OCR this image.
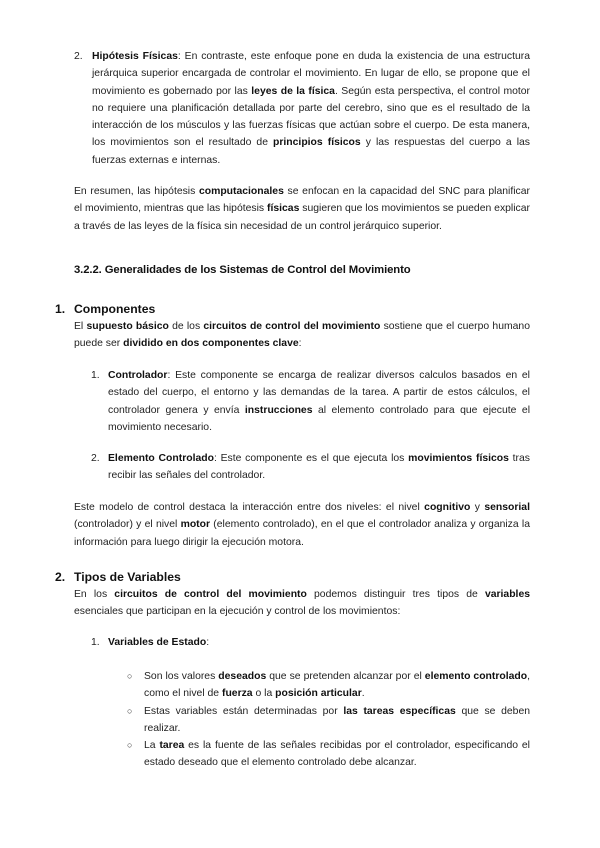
2. Hipótesis Físicas: En contraste, este enfoque pone en duda la existencia de una estructura jerárquica superior encargada de controlar el movimiento. En lugar de ello, se propone que el movimiento es gobernado por las leyes de la física. Según esta perspectiva, el control motor no requiere una planificación detallada por parte del cerebro, sino que es el resultado de la interacción de los músculos y las fuerzas físicas que actúan sobre el cuerpo. De esta manera, los movimientos son el resultado de principios físicos y las respuestas del cuerpo a las fuerzas externas e internas.

En resumen, las hipótesis computacionales se enfocan en la capacidad del SNC para planificar el movimiento, mientras que las hipótesis físicas sugieren que los movimientos se pueden explicar a través de las leyes de la física sin necesidad de un control jerárquico superior.

3.2.2. Generalidades de los Sistemas de Control del Movimiento
1. Componentes

El supuesto básico de los circuitos de control del movimiento sostiene que el cuerpo humano puede ser dividido en dos componentes clave:

1. Controlador: Este componente se encarga de realizar diversos calculos basados en el estado del cuerpo, el entorno y las demandas de la tarea. A partir de estos cálculos, el controlador genera y envía instrucciones al elemento controlado para que ejecute el movimiento necesario.

2. Elemento Controlado: Este componente es el que ejecuta los movimientos físicos tras recibir las señales del controlador.

Este modelo de control destaca la interacción entre dos niveles: el nivel cognitivo y sensorial (controlador) y el nivel motor (elemento controlado), en el que el controlador analiza y organiza la información para luego dirigir la ejecución motora.

2. Tipos de Variables

En los circuitos de control del movimiento podemos distinguir tres tipos de variables esenciales que participan en la ejecución y control de los movimientos:

1. Variables de Estado:

○ Son los valores deseados que se pretenden alcanzar por el elemento controlado, como el nivel de fuerza o la posición articular.

○ Estas variables están determinadas por las tareas específicas que se deben realizar.

○ La tarea es la fuente de las señales recibidas por el controlador, especificando el estado deseado que el elemento controlado debe alcanzar.
